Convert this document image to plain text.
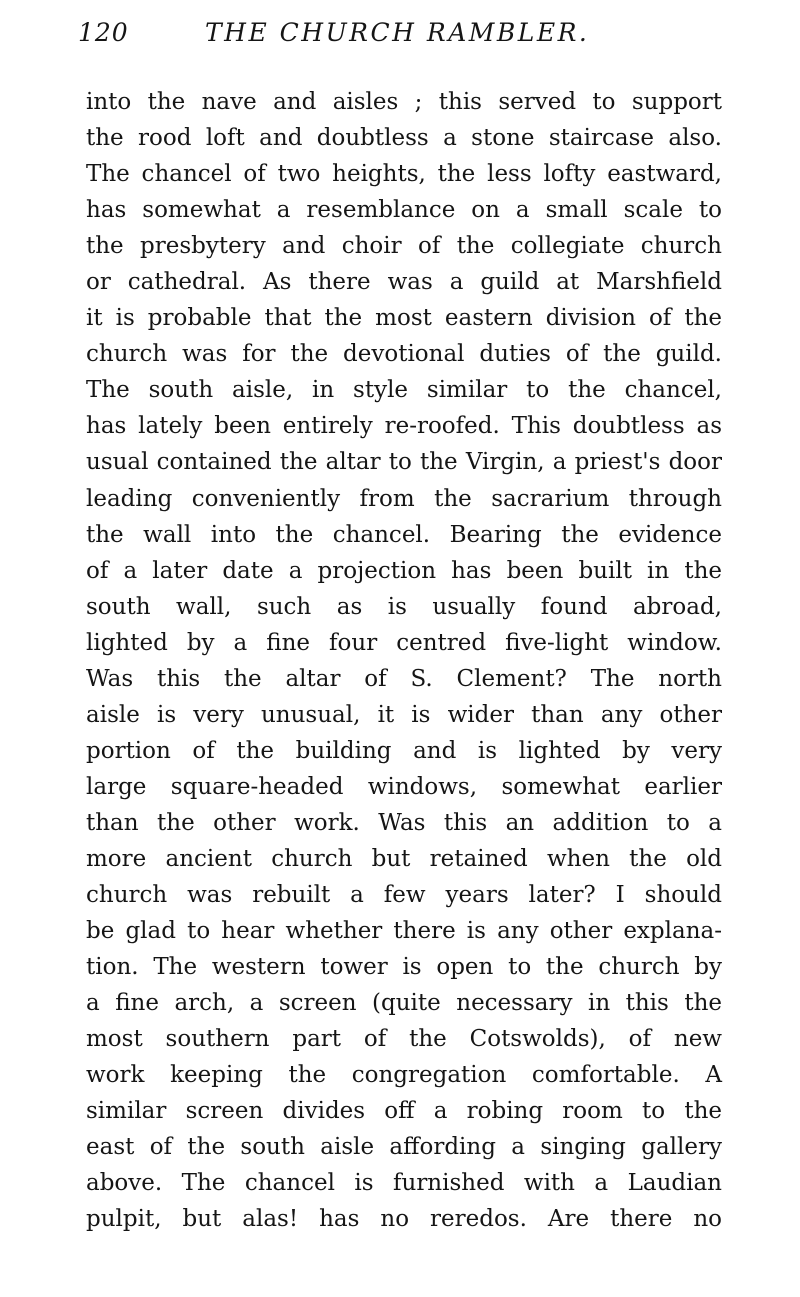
120	THE CHURCH RAMBLER.
into the nave and aisles ; this served to support
the rood loft and doubtless a stone staircase also.
The chancel of two heights, the less lofty eastward,
has somewhat a resemblance on a small scale to
the presbytery and choir of the collegiate church
or cathedral. As there was a guild at Marshfield
it is probable that the most eastern division of the
church was for the devotional duties of the guild.
The south aisle, in style similar to the chancel,
has lately been entirely re-roofed. This doubtless as
usual contained the altar to the Virgin, a priest's door
leading conveniently from the sacrarium through
the wall into the chancel. Bearing the evidence
of a later date a projection has been built in the
south wall, such as is usually found abroad,
lighted by a fine four centred five-light window.
Was this the altar of S. Clement? The north
aisle is very unusual, it is wider than any other
portion of the building and is lighted by very
large square-headed windows, somewhat earlier
than the other work. Was this an addition to a
more ancient church but retained when the old
church was rebuilt a few years later? I should
be glad to hear whether there is any other explana-
tion. The western tower is open to the church by
a fine arch, a screen (quite necessary in this the
most southern part of the Cotswolds), of new
work keeping the congregation comfortable. A
similar screen divides off a robing room to the
east of the south aisle affording a singing gallery
above. The chancel is furnished with a Laudian
pulpit, but alas! has no reredos. Are there no
